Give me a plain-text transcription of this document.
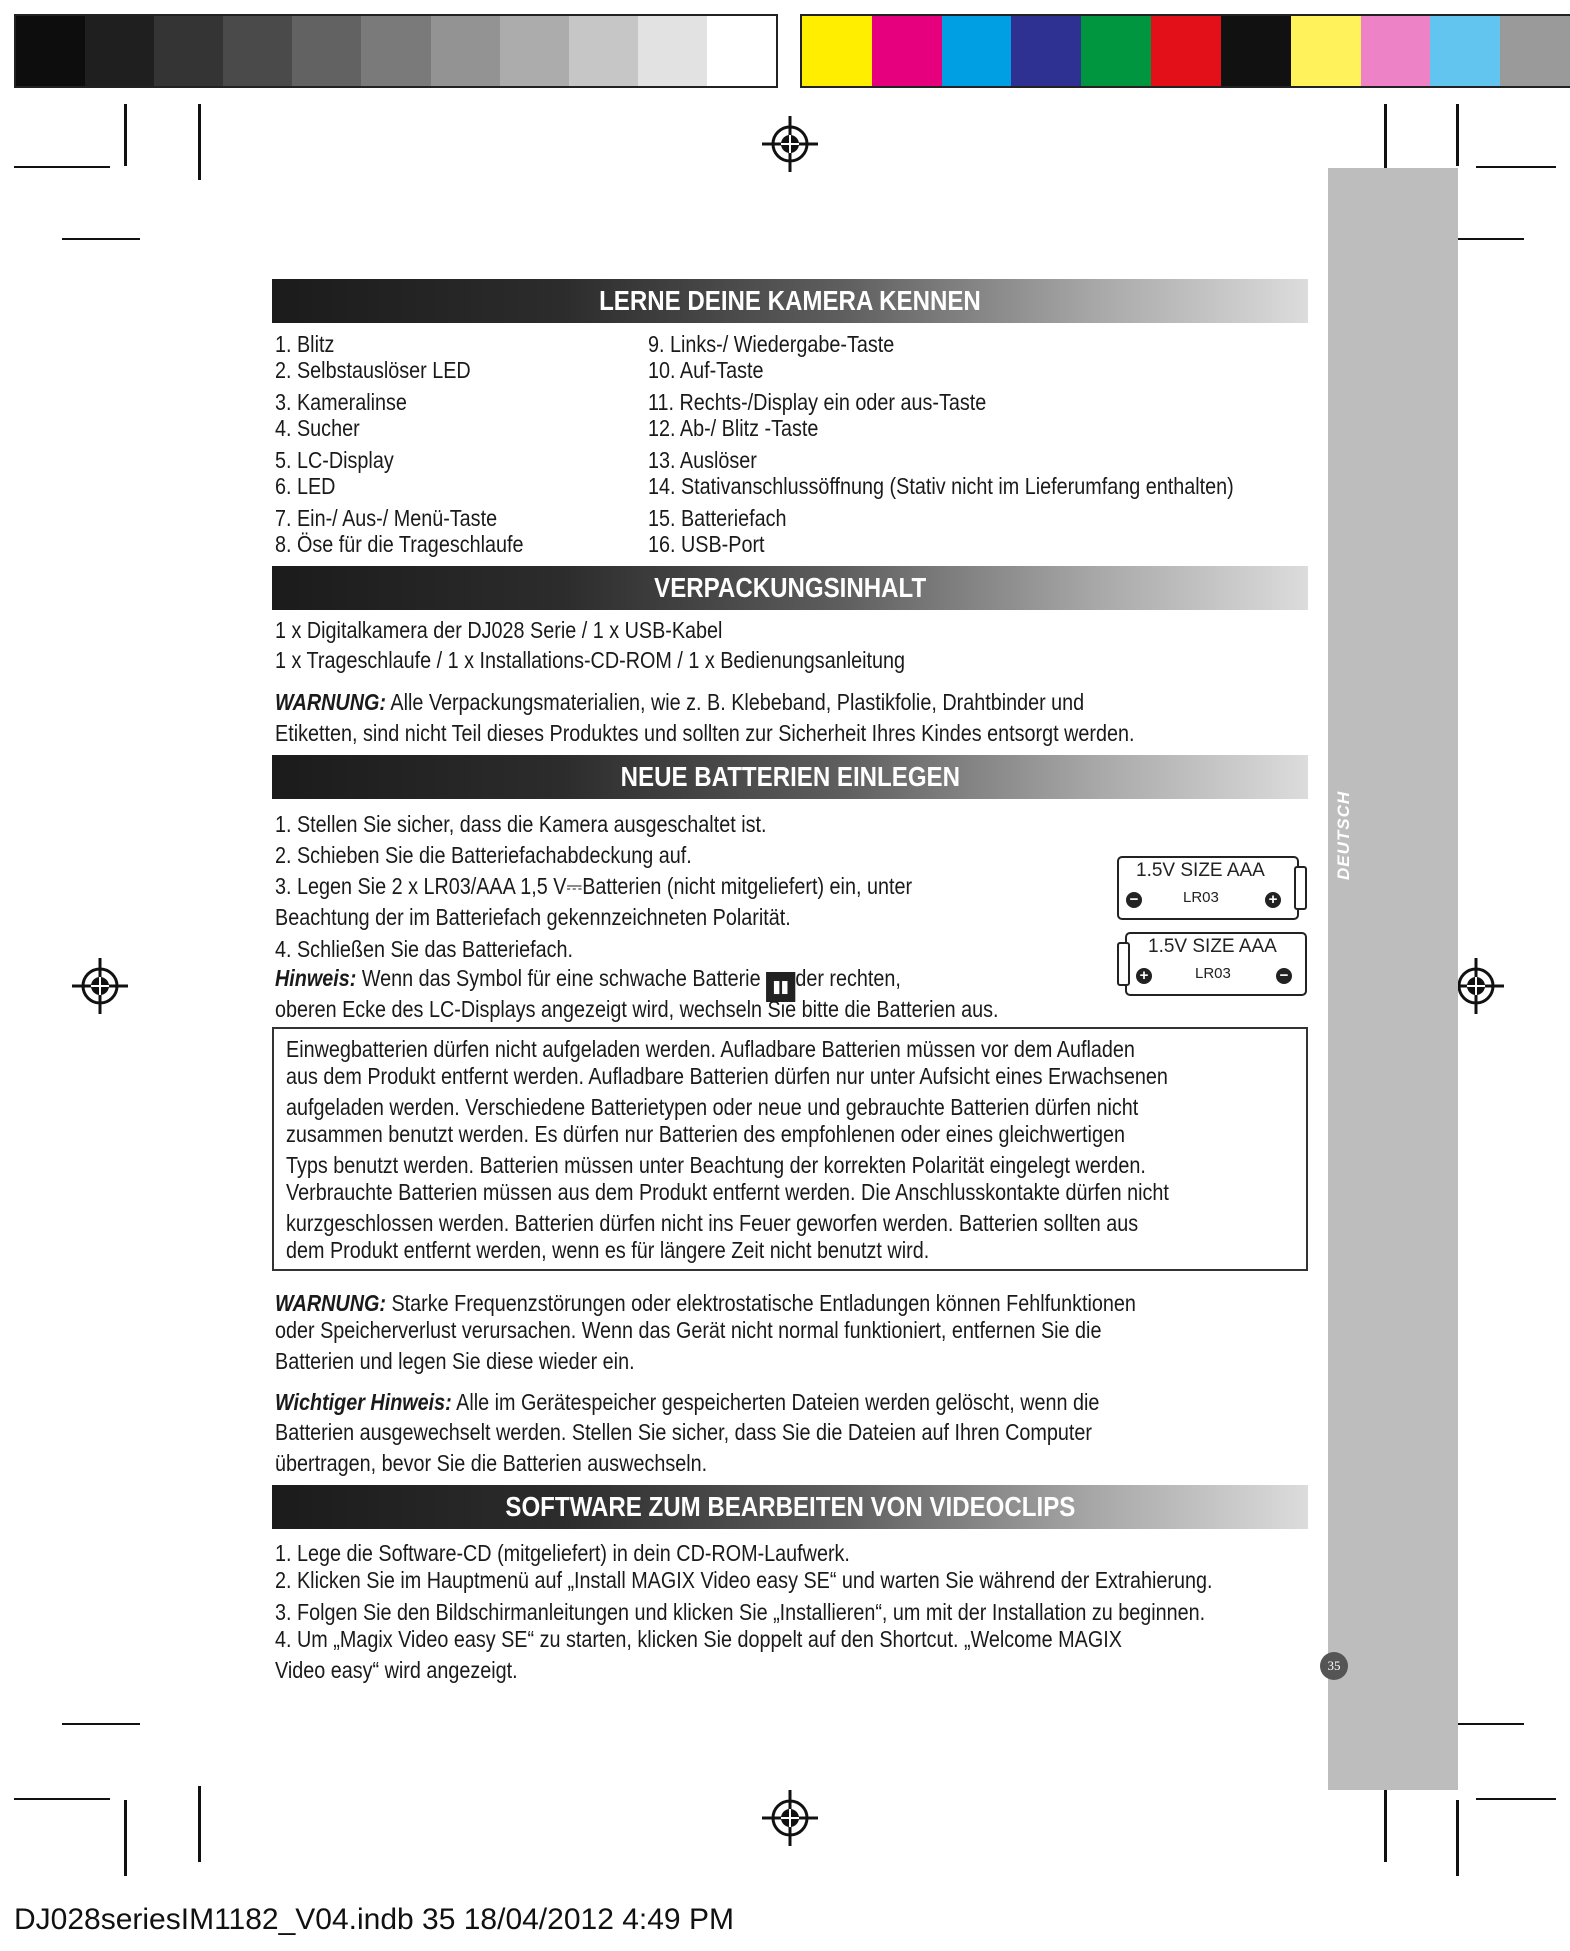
DEUTSCH
35
LERNE DEINE KAMERA KENNEN
1. Blitz
2. Selbstauslöser LED
3. Kameralinse
4. Sucher
5. LC-Display
6. LED
7. Ein-/ Aus-/ Menü-Taste
8. Öse für die Trageschlaufe
9. Links-/ Wiedergabe-Taste
10. Auf-Taste
11. Rechts-/Display ein oder aus-Taste
12. Ab-/ Blitz -Taste
13. Auslöser
14. Stativanschlussöffnung (Stativ nicht im Lieferumfang enthalten)
15. Batteriefach
16. USB-Port
VERPACKUNGSINHALT
1 x Digitalkamera der DJ028 Serie / 1 x USB-Kabel
1 x Trageschlaufe / 1 x Installations-CD-ROM / 1 x Bedienungsanleitung
WARNUNG: Alle Verpackungsmaterialien, wie z. B. Klebeband, Plastikfolie, Drahtbinder und
Etiketten, sind nicht Teil dieses Produktes und sollten zur Sicherheit Ihres Kindes entsorgt werden.
NEUE BATTERIEN EINLEGEN
1. Stellen Sie sicher, dass die Kamera ausgeschaltet ist.
2. Schieben Sie die Batteriefachabdeckung auf.
3. Legen Sie 2 x LR03/AAA 1,5 V⎓Batterien (nicht mitgeliefert) ein, unter
Beachtung der im Batteriefach gekennzeichneten Polarität.
4. Schließen Sie das Batteriefach.
Hinweis: Wenn das Symbol für eine schwache Batterie ▮▮ der rechten,
oberen Ecke des LC-Displays angezeigt wird, wechseln Sie bitte die Batterien aus.
1.5V SIZE AAA
LR03
−	+
1.5V SIZE AAA
LR03
+	−
Einwegbatterien dürfen nicht aufgeladen werden. Aufladbare Batterien müssen vor dem Aufladen
aus dem Produkt entfernt werden. Aufladbare Batterien dürfen nur unter Aufsicht eines Erwachsenen
aufgeladen werden. Verschiedene Batterietypen oder neue und gebrauchte Batterien dürfen nicht
zusammen benutzt werden. Es dürfen nur Batterien des empfohlenen oder eines gleichwertigen
Typs benutzt werden. Batterien müssen unter Beachtung der korrekten Polarität eingelegt werden.
Verbrauchte Batterien müssen aus dem Produkt entfernt werden. Die Anschlusskontakte dürfen nicht
kurzgeschlossen werden. Batterien dürfen nicht ins Feuer geworfen werden. Batterien sollten aus
dem Produkt entfernt werden, wenn es für längere Zeit nicht benutzt wird.
WARNUNG: Starke Frequenzstörungen oder elektrostatische Entladungen können Fehlfunktionen
oder Speicherverlust verursachen. Wenn das Gerät nicht normal funktioniert, entfernen Sie die
Batterien und legen Sie diese wieder ein.
Wichtiger Hinweis: Alle im Gerätespeicher gespeicherten Dateien werden gelöscht, wenn die
Batterien ausgewechselt werden. Stellen Sie sicher, dass Sie die Dateien auf Ihren Computer
übertragen, bevor Sie die Batterien auswechseln.
SOFTWARE ZUM BEARBEITEN VON VIDEOCLIPS
1. Lege die Software-CD (mitgeliefert) in dein CD-ROM-Laufwerk.
2. Klicken Sie im Hauptmenü auf „Install MAGIX Video easy SE“ und warten Sie während der Extrahierung.
3. Folgen Sie den Bildschirmanleitungen und klicken Sie „Installieren“, um mit der Installation zu beginnen.
4. Um „Magix Video easy SE“ zu starten, klicken Sie doppelt auf den Shortcut. „Welcome MAGIX
Video easy“ wird angezeigt.
DJ028seriesIM1182_V04.indb 35 18/04/2012 4:49 PM
